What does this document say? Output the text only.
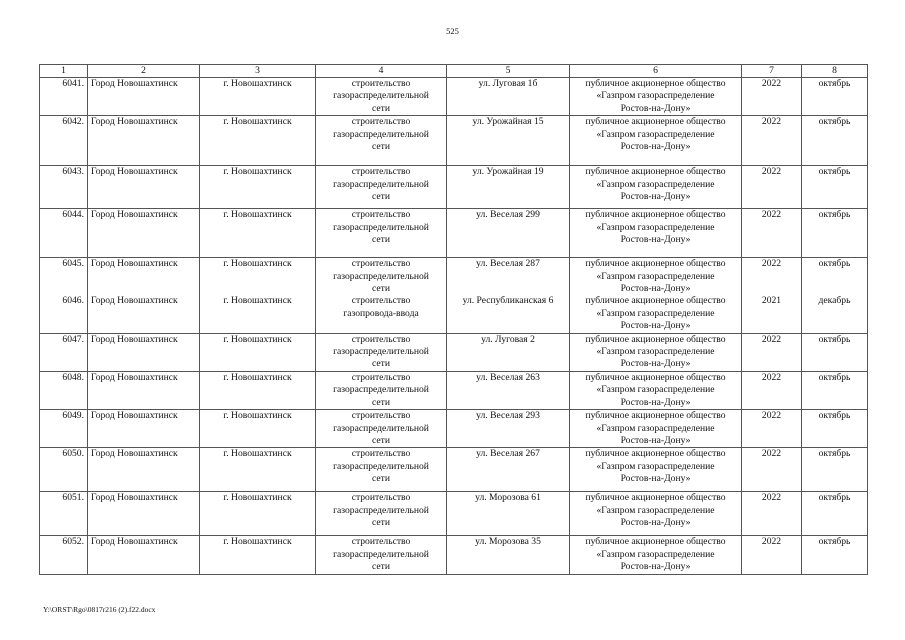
525
1	2	3	4	5	6	7	8
6041.	Город Новошахтинск	г. Новошахтинск	строительство
газораспределительной
сети	ул. Луговая 1б	публичное акционерное общество
«Газпром газораспределение
Ростов-на-Дону»	2022	октябрь
6042.	Город Новошахтинск	г. Новошахтинск	строительство
газораспределительной
сети	ул. Урожайная 15	публичное акционерное общество
«Газпром газораспределение
Ростов-на-Дону»	2022	октябрь
6043.	Город Новошахтинск	г. Новошахтинск	строительство
газораспределительной
сети	ул. Урожайная 19	публичное акционерное общество
«Газпром газораспределение
Ростов-на-Дону»	2022	октябрь
6044.	Город Новошахтинск	г. Новошахтинск	строительство
газораспределительной
сети	ул. Веселая 299	публичное акционерное общество
«Газпром газораспределение
Ростов-на-Дону»	2022	октябрь
6045.	Город Новошахтинск	г. Новошахтинск	строительство
газораспределительной
сети	ул. Веселая 287	публичное акционерное общество
«Газпром газораспределение
Ростов-на-Дону»	2022	октябрь
6046.	Город Новошахтинск	г. Новошахтинск	строительство
газопровода-ввода	ул. Республиканская 6	публичное акционерное общество
«Газпром газораспределение
Ростов-на-Дону»	2021	декабрь
6047.	Город Новошахтинск	г. Новошахтинск	строительство
газораспределительной
сети	ул. Луговая 2	публичное акционерное общество
«Газпром газораспределение
Ростов-на-Дону»	2022	октябрь
6048.	Город Новошахтинск	г. Новошахтинск	строительство
газораспределительной
сети	ул. Веселая 263	публичное акционерное общество
«Газпром газораспределение
Ростов-на-Дону»	2022	октябрь
6049.	Город Новошахтинск	г. Новошахтинск	строительство
газораспределительной
сети	ул. Веселая 293	публичное акционерное общество
«Газпром газораспределение
Ростов-на-Дону»	2022	октябрь
6050.	Город Новошахтинск	г. Новошахтинск	строительство
газораспределительной
сети	ул. Веселая 267	публичное акционерное общество
«Газпром газораспределение
Ростов-на-Дону»	2022	октябрь
6051.	Город Новошахтинск	г. Новошахтинск	строительство
газораспределительной
сети	ул. Морозова 61	публичное акционерное общество
«Газпром газораспределение
Ростов-на-Дону»	2022	октябрь
6052.	Город Новошахтинск	г. Новошахтинск	строительство
газораспределительной
сети	ул. Морозова 35	публичное акционерное общество
«Газпром газораспределение
Ростов-на-Дону»	2022	октябрь
Y:\ORST\Rgo\0817r216 (2).f22.docx
